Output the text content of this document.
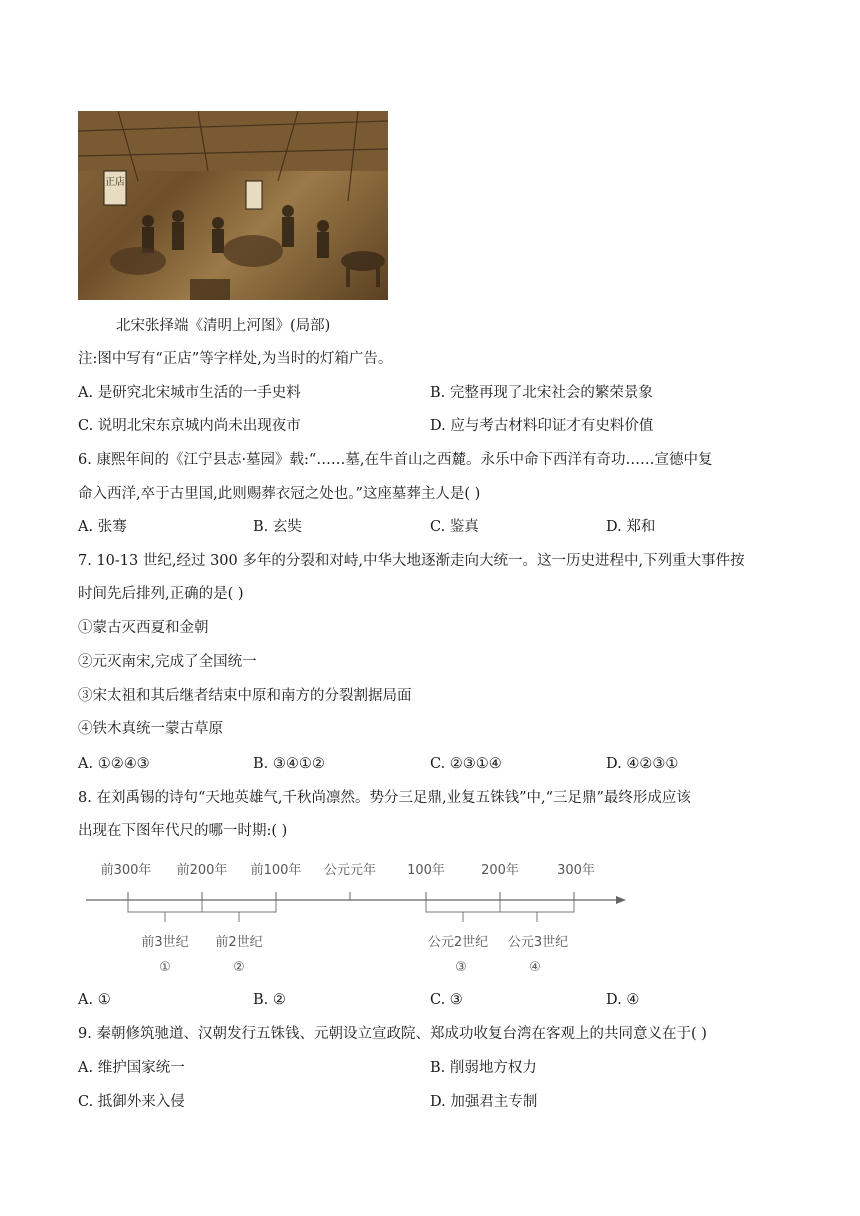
正店
北宋张择端《清明上河图》(局部)
注:图中写有“正店”等字样处,为当时的灯箱广告。
A. 是研究北宋城市生活的一手史料	B. 完整再现了北宋社会的繁荣景象
C. 说明北宋东京城内尚未出现夜市	D. 应与考古材料印证才有史料价值
6. 康熙年间的《江宁县志·墓园》载:“……墓,在牛首山之西麓。永乐中命下西洋有奇功……宣德中复
命入西洋,卒于古里国,此则赐葬衣冠之处也。”这座墓葬主人是( )
A. 张骞	B. 玄奘	C. 鉴真	D. 郑和
7. 10-13 世纪,经过 300 多年的分裂和对峙,中华大地逐渐走向大统一。这一历史进程中,下列重大事件按
时间先后排列,正确的是( )
①蒙古灭西夏和金朝
②元灭南宋,完成了全国统一
③宋太祖和其后继者结束中原和南方的分裂割据局面
④铁木真统一蒙古草原
A. ①②④③	B. ③④①②	C. ②③①④	D. ④②③①
8. 在刘禹锡的诗句“天地英雄气,千秋尚凛然。势分三足鼎,业复五铢钱”中,“三足鼎”最终形成应该
出现在下图年代尺的哪一时期:( )
前300年 前200年 前100年 公元元年 100年	200年	300年
前3世纪 前2世纪	公元2世纪 公元3世纪
①	②	③	④
A. ①	B. ②	C. ③	D. ④
9. 秦朝修筑驰道、汉朝发行五铢钱、元朝设立宣政院、郑成功收复台湾在客观上的共同意义在于( )
A. 维护国家统一	B. 削弱地方权力
C. 抵御外来入侵	D. 加强君主专制
